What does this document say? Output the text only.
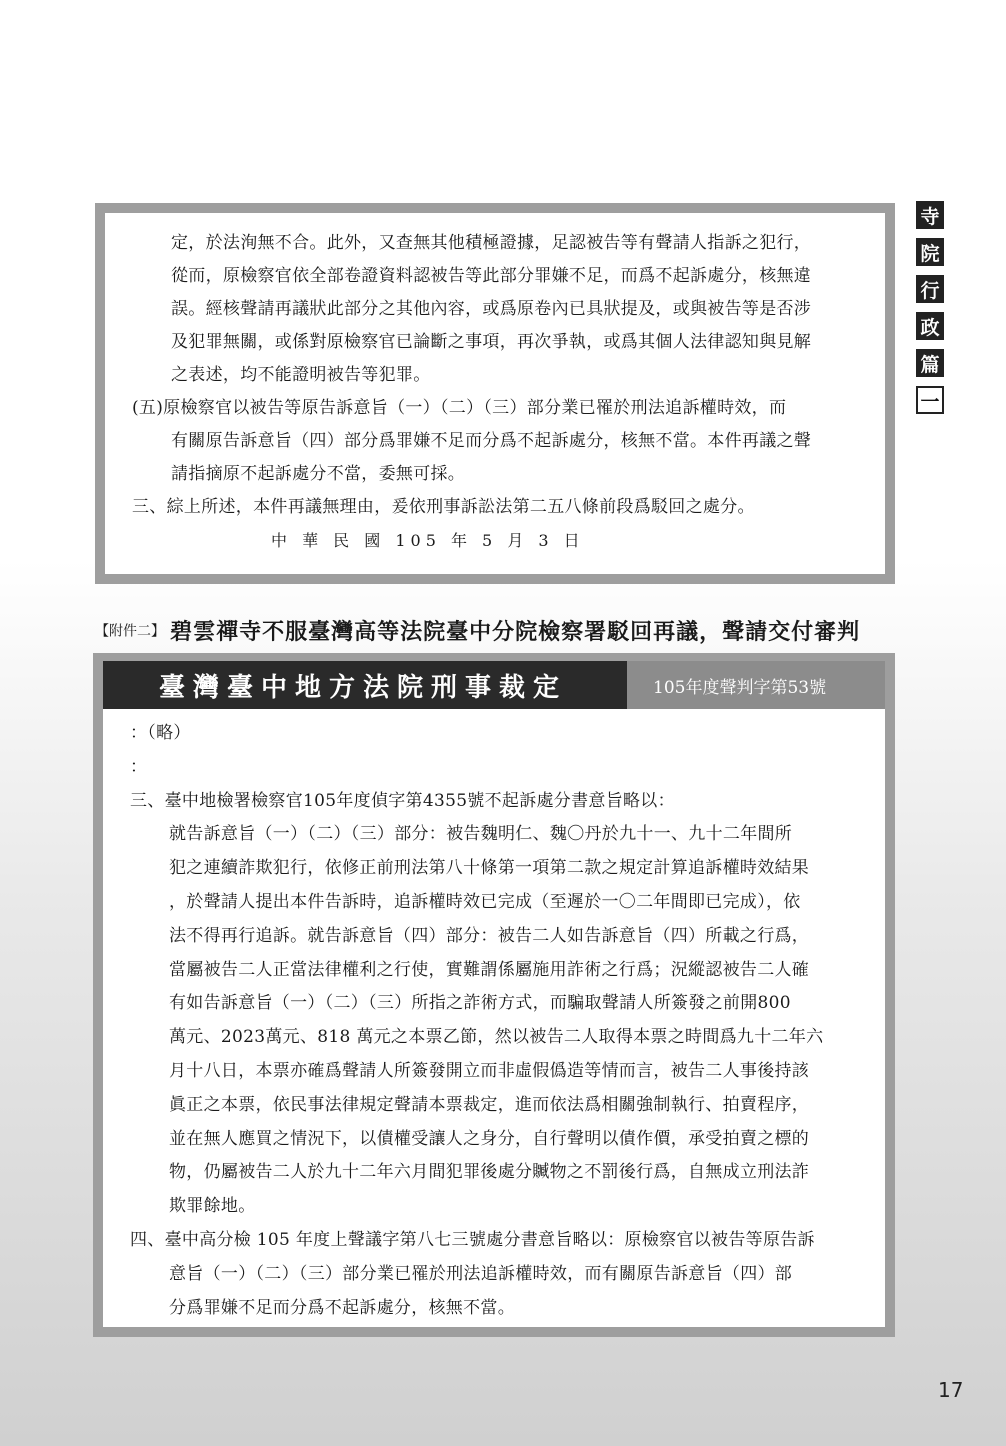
寺
院
行
政
篇
一
定，於法洵無不合。此外，又查無其他積極證據，足認被告等有聲請人指訴之犯行，
從而，原檢察官依全部卷證資料認被告等此部分罪嫌不足，而爲不起訴處分，核無違
誤。經核聲請再議狀此部分之其他內容，或爲原卷內已具狀提及，或與被告等是否涉
及犯罪無關，或係對原檢察官已論斷之事項，再次爭執，或爲其個人法律認知與見解
之表述，均不能證明被告等犯罪。
(五)原檢察官以被告等原告訴意旨（一）（二）（三）部分業已罹於刑法追訴權時效，而
有關原告訴意旨（四）部分爲罪嫌不足而分爲不起訴處分，核無不當。本件再議之聲
請指摘原不起訴處分不當，委無可採。
三、綜上所述，本件再議無理由，爰依刑事訴訟法第二五八條前段爲駁回之處分。
中 華 民 國 105 年 5 月 3 日
【附件二】 碧雲禪寺不服臺灣高等法院臺中分院檢察署駁回再議，聲請交付審判
臺灣臺中地方法院刑事裁定	105年度聲判字第53號
：（略）
：
三、臺中地檢署檢察官105年度偵字第4355號不起訴處分書意旨略以：
就告訴意旨（一）（二）（三）部分：被告魏明仁、魏〇丹於九十一、九十二年間所
犯之連續詐欺犯行，依修正前刑法第八十條第一項第二款之規定計算追訴權時效結果
，於聲請人提出本件告訴時，追訴權時效已完成（至遲於一〇二年間即已完成），依
法不得再行追訴。就告訴意旨（四）部分：被告二人如告訴意旨（四）所載之行爲，
當屬被告二人正當法律權利之行使，實難謂係屬施用詐術之行爲；況縱認被告二人確
有如告訴意旨（一）（二）（三）所指之詐術方式，而騙取聲請人所簽發之前開800
萬元、2023萬元、818 萬元之本票乙節，然以被告二人取得本票之時間爲九十二年六
月十八日，本票亦確爲聲請人所簽發開立而非虛假僞造等情而言，被告二人事後持該
眞正之本票，依民事法律規定聲請本票裁定，進而依法爲相關強制執行、拍賣程序，
並在無人應買之情況下，以債權受讓人之身分，自行聲明以債作價，承受拍賣之標的
物，仍屬被告二人於九十二年六月間犯罪後處分贓物之不罰後行爲，自無成立刑法詐
欺罪餘地。
四、臺中高分檢 105 年度上聲議字第八七三號處分書意旨略以：原檢察官以被告等原告訴
意旨（一）（二）（三）部分業已罹於刑法追訴權時效，而有關原告訴意旨（四）部
分爲罪嫌不足而分爲不起訴處分，核無不當。
17
